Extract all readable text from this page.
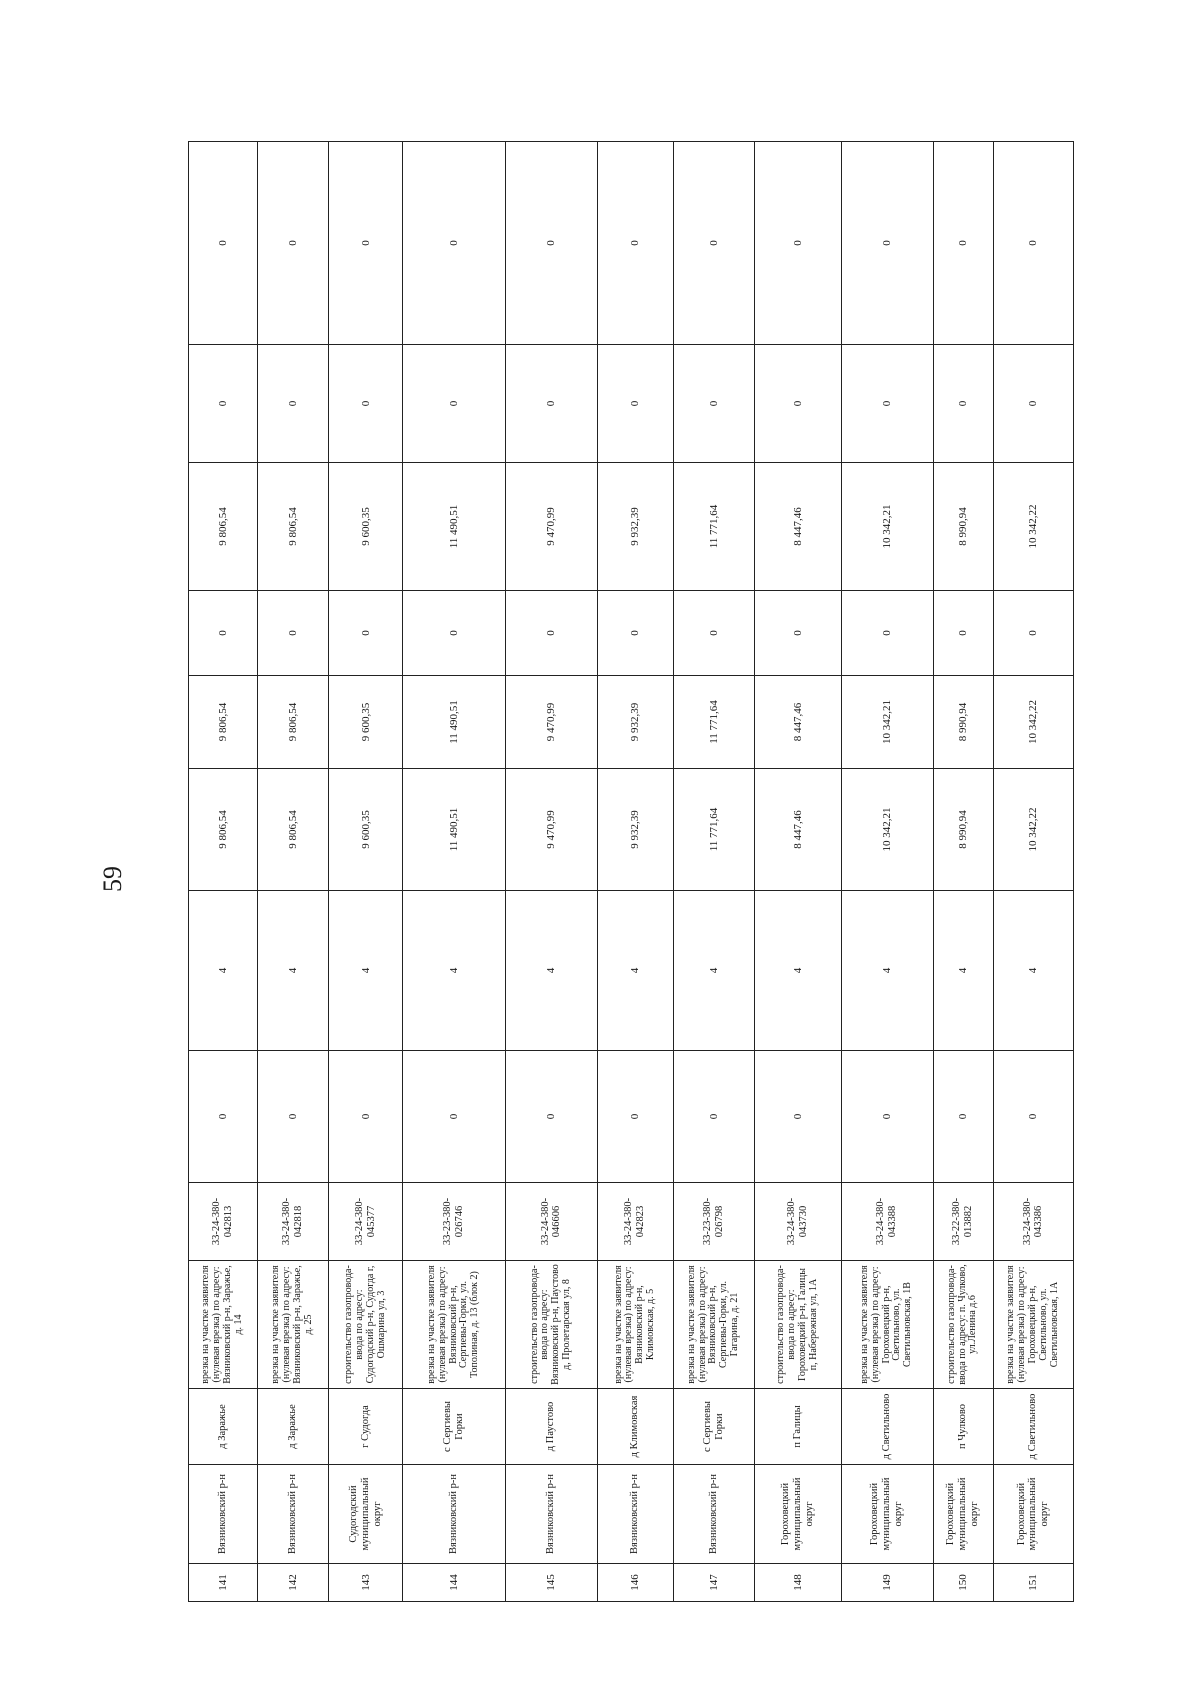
59
141	Вязниковский р-н	д Заражье	врезка на участке заявителя (нулевая врезка) по адресу: Вязниковский р-н, Заражье, д. 14	33-24-380-042813	0	4	9 806,54	9 806,54	0	9 806,54	0	0
142	Вязниковский р-н	д Заражье	врезка на участке заявителя (нулевая врезка) по адресу: Вязниковский р-н, Заражье, д. 25	33-24-380-042818	0	4	9 806,54	9 806,54	0	9 806,54	0	0
143	Судогодский муниципальный округ	г Судогда	строительство газопровода-ввода по адресу: Судогодский р-н, Судогда г, Ошмарина ул, 3	33-24-380-045377	0	4	9 600,35	9 600,35	0	9 600,35	0	0
144	Вязниковский р-н	с Сергиевы Горки	врезка на участке заявителя (нулевая врезка) по адресу: Вязниковский р-н, Сергиевы-Горки, ул. Тополиная, д. 13 (блок 2)	33-23-380-026746	0	4	11 490,51	11 490,51	0	11 490,51	0	0
145	Вязниковский р-н	д Паустово	строительство газопровода-ввода по адресу: Вязниковский р-н, Паустово д, Пролетарская ул, 8	33-24-380-046606	0	4	9 470,99	9 470,99	0	9 470,99	0	0
146	Вязниковский р-н	д Климовская	врезка на участке заявителя (нулевая врезка) по адресу: Вязниковский р-н, Климовская, д. 5	33-24-380-042823	0	4	9 932,39	9 932,39	0	9 932,39	0	0
147	Вязниковский р-н	с Сергиевы Горки	врезка на участке заявителя (нулевая врезка) по адресу: Вязниковский р-н, Сергиевы-Горки, ул. Гагарина, д. 21	33-23-380-026798	0	4	11 771,64	11 771,64	0	11 771,64	0	0
148	Гороховецкий муниципальный округ	п Галицы	строительство газопровода-ввода по адресу: Гороховецкий р-н, Галицы п, Набережная ул, 1А	33-24-380-043730	0	4	8 447,46	8 447,46	0	8 447,46	0	0
149	Гороховецкий муниципальный округ	д Светильново	врезка на участке заявителя (нулевая врезка) по адресу: Гороховецкий р-н, Светильново, ул. Светильновская, 1В	33-24-380-043388	0	4	10 342,21	10 342,21	0	10 342,21	0	0
150	Гороховецкий муниципальный округ	п Чулково	строительство газопровода-ввода по адресу: п. Чулково, ул.Ленина д.6	33-22-380-013882	0	4	8 990,94	8 990,94	0	8 990,94	0	0
151	Гороховецкий муниципальный округ	д Светильново	врезка на участке заявителя (нулевая врезка) по адресу: Гороховецкий р-н, Светильново, ул. Светильновская, 1А	33-24-380-043386	0	4	10 342,22	10 342,22	0	10 342,22	0	0
